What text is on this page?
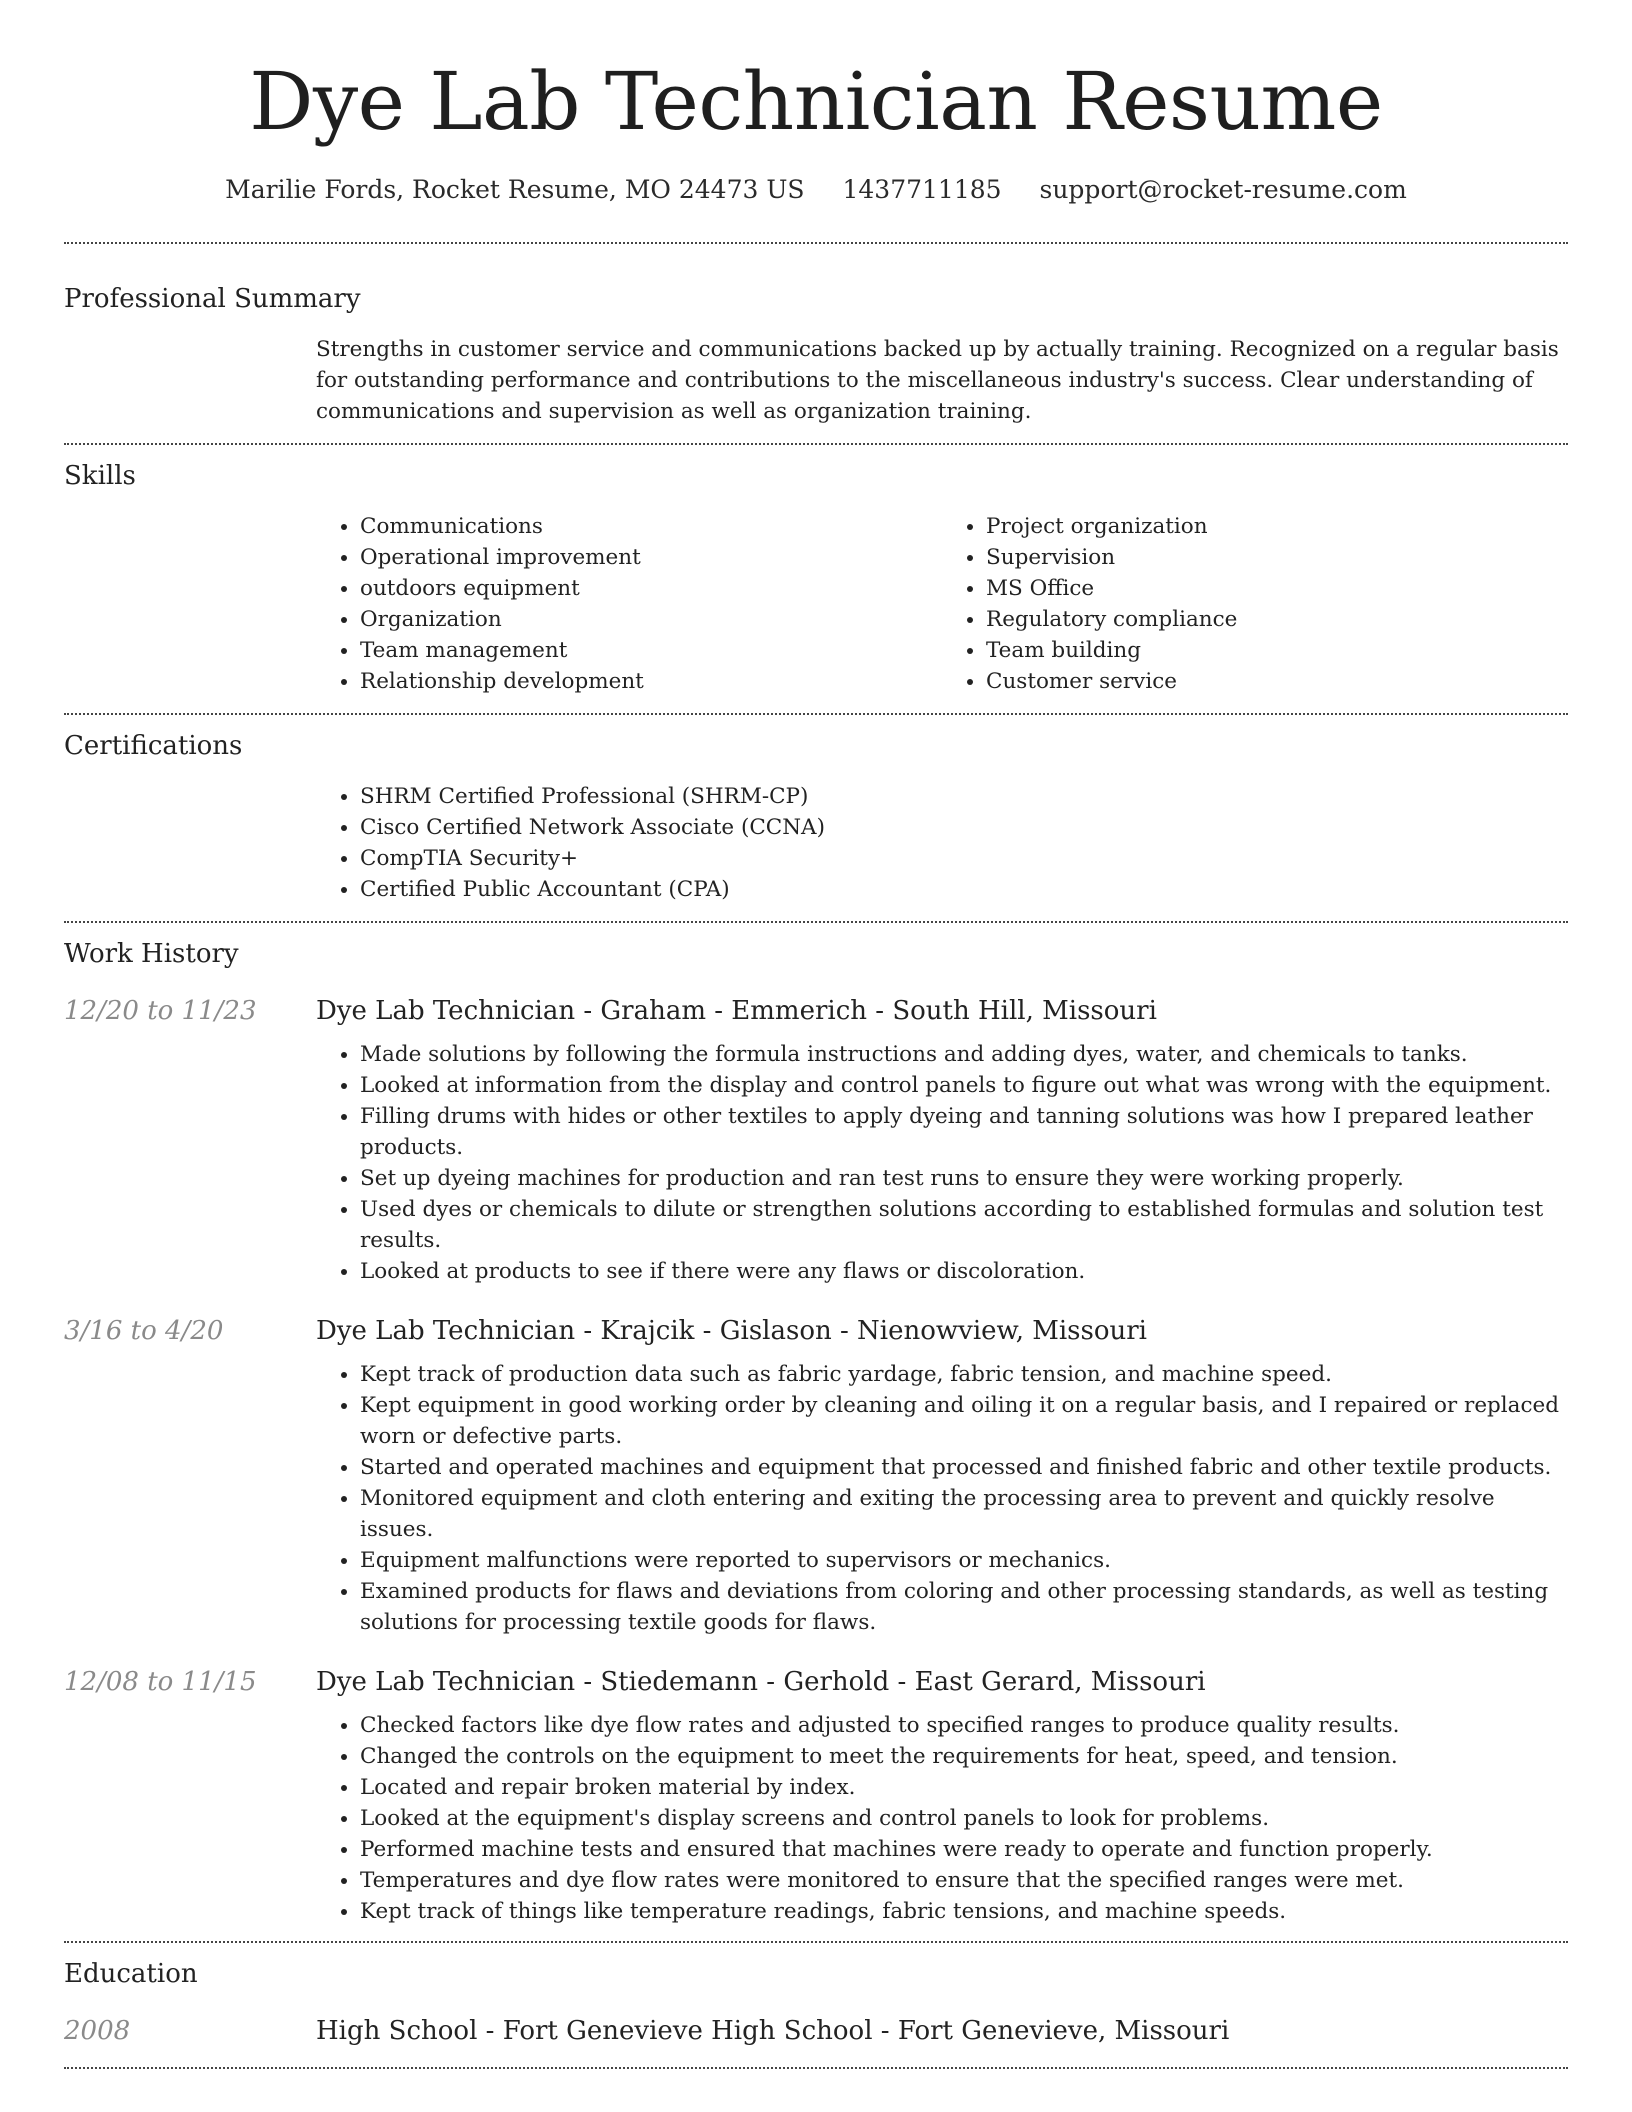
Dye Lab Technician Resume
Marilie Fords, Rocket Resume, MO 24473 US 1437711185 support@rocket-resume.com
Professional Summary

Strengths in customer service and communications backed up by actually training. Recognized on a regular basis for outstanding performance and contributions to the miscellaneous industry's success. Clear understanding of communications and supervision as well as organization training.

Skills
• Communications
• Operational improvement
• outdoors equipment
• Organization
• Team management
• Relationship development
• Project organization
• Supervision
• MS Office
• Regulatory compliance
• Team building
• Customer service
Certifications
• SHRM Certified Professional (SHRM-CP)
• Cisco Certified Network Associate (CCNA)
• CompTIA Security+
• Certified Public Accountant (CPA)
Work History
12/20 to 11/23 Dye Lab Technician - Graham - Emmerich - South Hill, Missouri
• Made solutions by following the formula instructions and adding dyes, water, and chemicals to tanks.
• Looked at information from the display and control panels to figure out what was wrong with the equipment.
• Filling drums with hides or other textiles to apply dyeing and tanning solutions was how I prepared leather products.
• Set up dyeing machines for production and ran test runs to ensure they were working properly.
• Used dyes or chemicals to dilute or strengthen solutions according to established formulas and solution test results.
• Looked at products to see if there were any flaws or discoloration.
3/16 to 4/20	Dye Lab Technician - Krajcik - Gislason - Nienowview, Missouri
• Kept track of production data such as fabric yardage, fabric tension, and machine speed.
• Kept equipment in good working order by cleaning and oiling it on a regular basis, and I repaired or replaced worn or defective parts.
• Started and operated machines and equipment that processed and finished fabric and other textile products.
• Monitored equipment and cloth entering and exiting the processing area to prevent and quickly resolve issues.
• Equipment malfunctions were reported to supervisors or mechanics.
• Examined products for flaws and deviations from coloring and other processing standards, as well as testing solutions for processing textile goods for flaws.
12/08 to 11/15 Dye Lab Technician - Stiedemann - Gerhold - East Gerard, Missouri
• Checked factors like dye flow rates and adjusted to specified ranges to produce quality results.
• Changed the controls on the equipment to meet the requirements for heat, speed, and tension.
• Located and repair broken material by index.
• Looked at the equipment's display screens and control panels to look for problems.
• Performed machine tests and ensured that machines were ready to operate and function properly.
• Temperatures and dye flow rates were monitored to ensure that the specified ranges were met.
• Kept track of things like temperature readings, fabric tensions, and machine speeds.
Education
2008	High School - Fort Genevieve High School - Fort Genevieve, Missouri
